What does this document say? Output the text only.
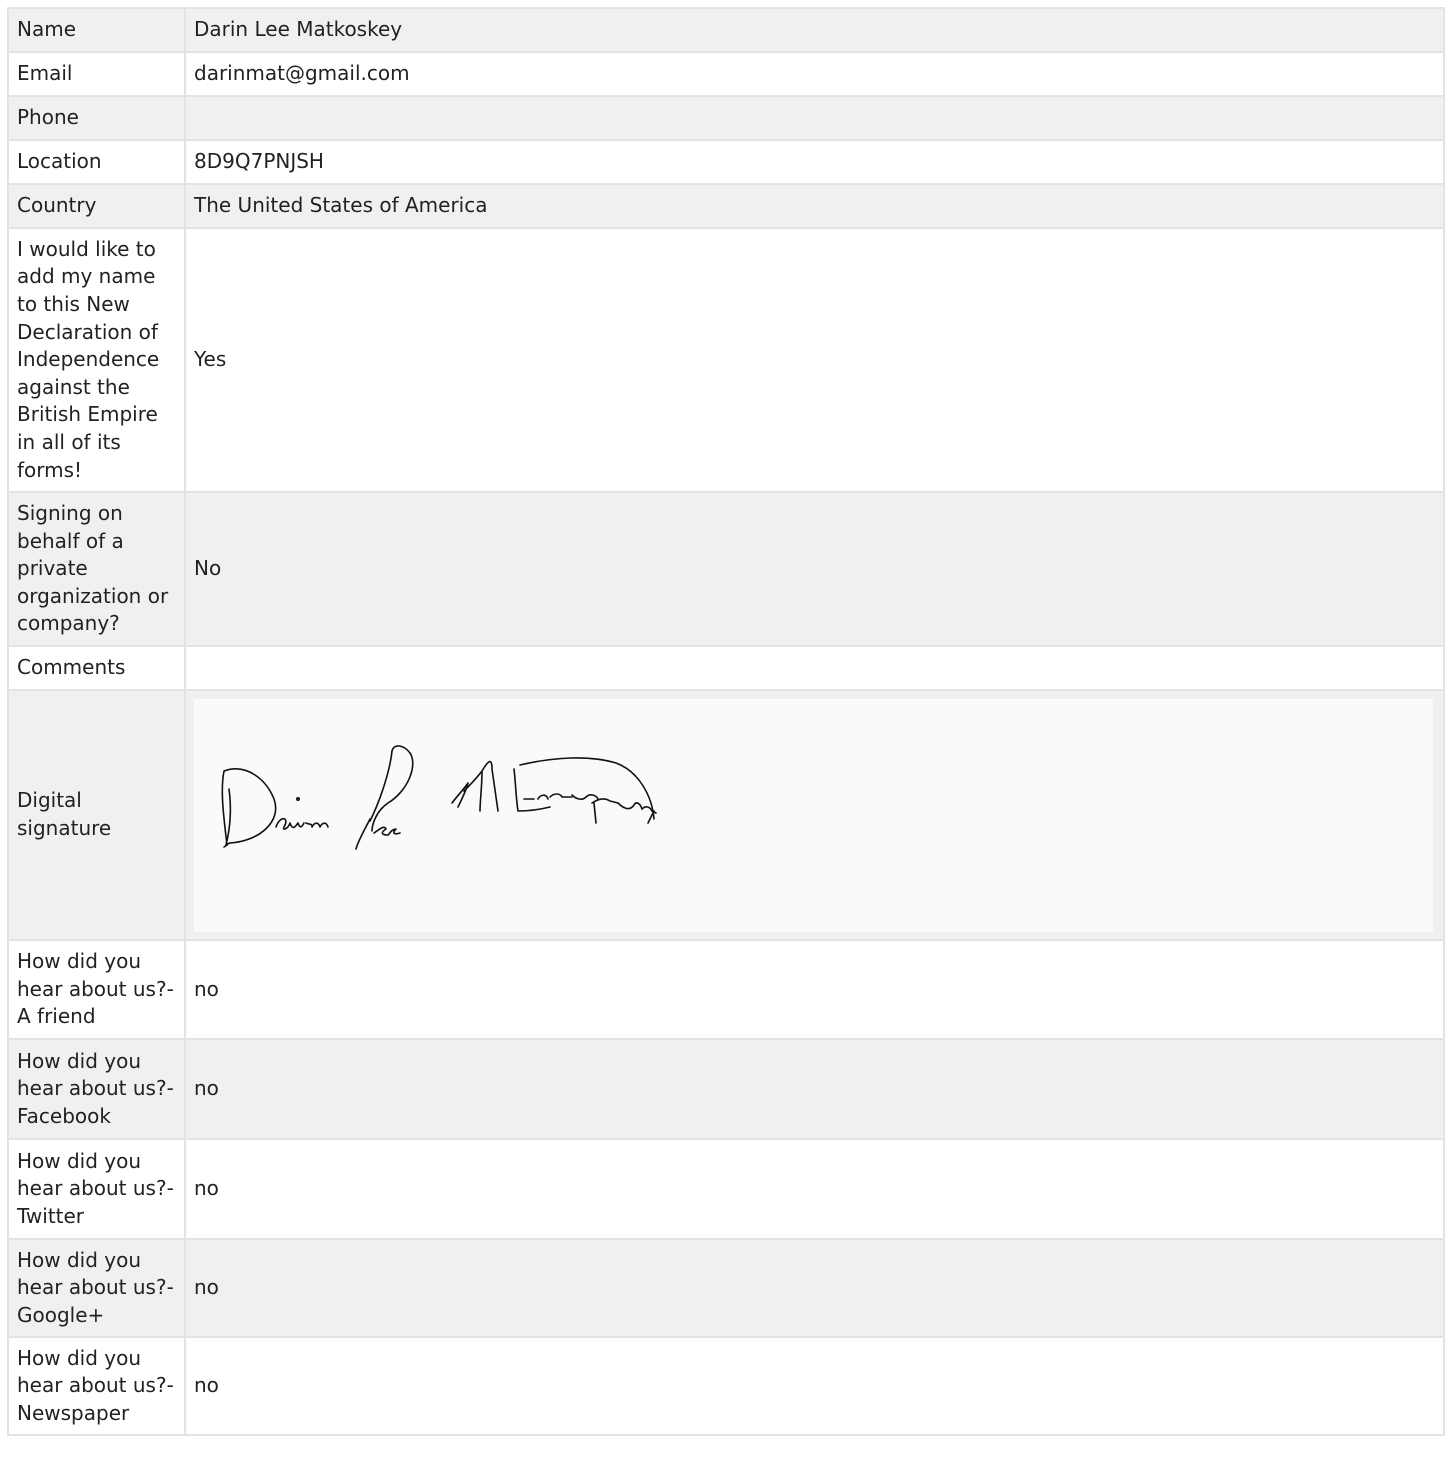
Name	Darin Lee Matkoskey
Email	darinmat@gmail.com
Phone	
Location	8D9Q7PNJSH
Country	The United States of America
I would like to add my name to this New Declaration of Independence against the British Empire in all of its forms!	Yes
Signing on behalf of a private organization or company?	No
Comments	
Digital signature	

How did you hear about us?-A friend	no
How did you hear about us?-Facebook	no
How did you hear about us?-Twitter	no
How did you hear about us?-Google+	no
How did you hear about us?-Newspaper	no
